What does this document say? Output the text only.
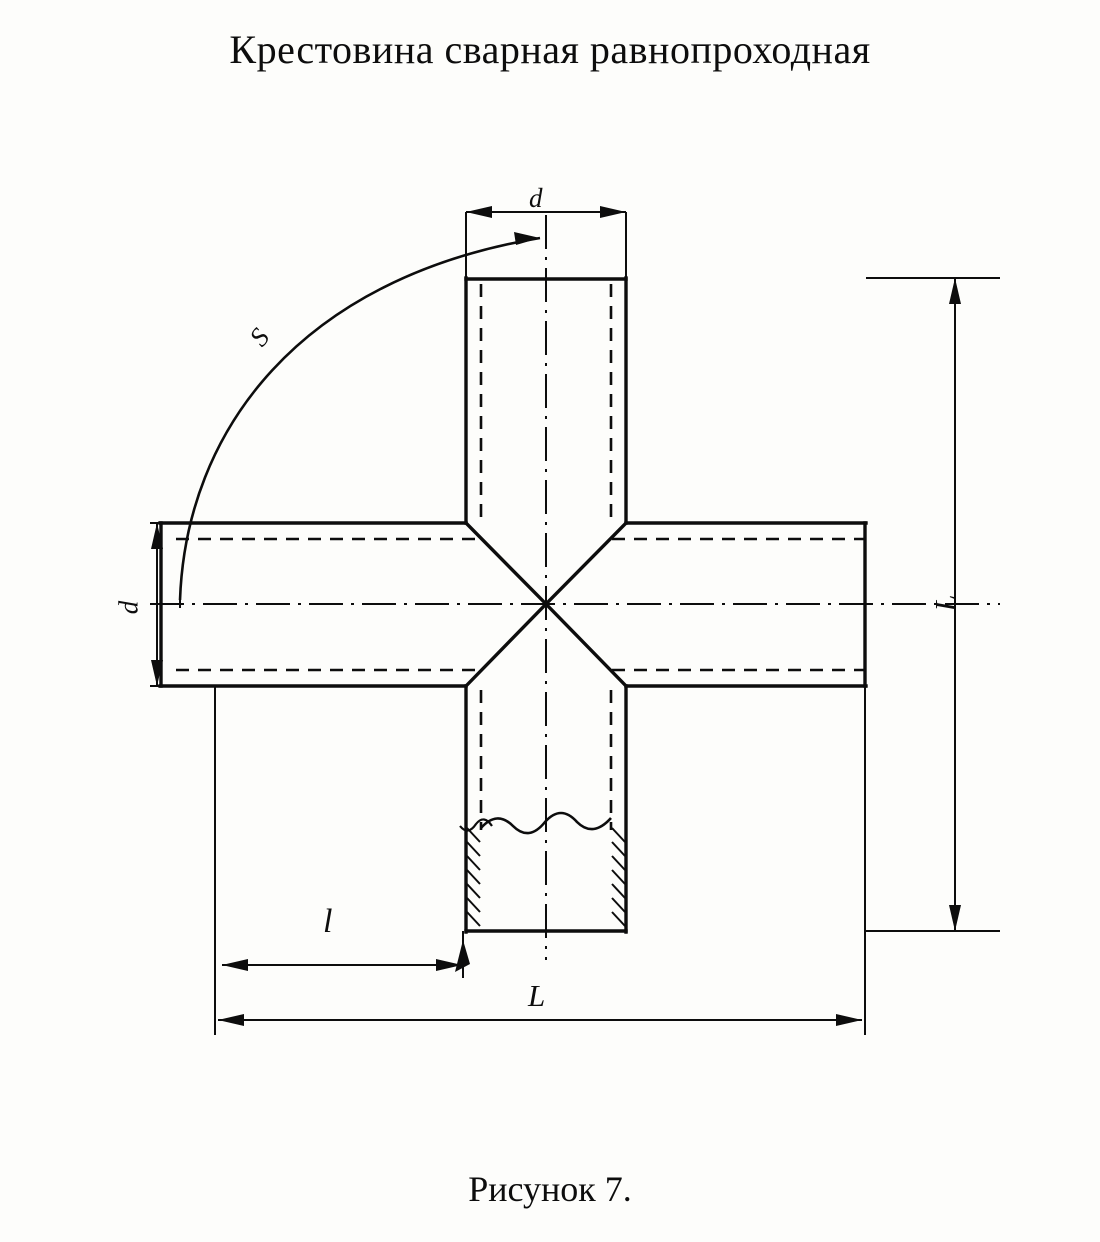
Крестовина сварная равнопроходная
d
d	L
L
l
S
Рисунок 7.
